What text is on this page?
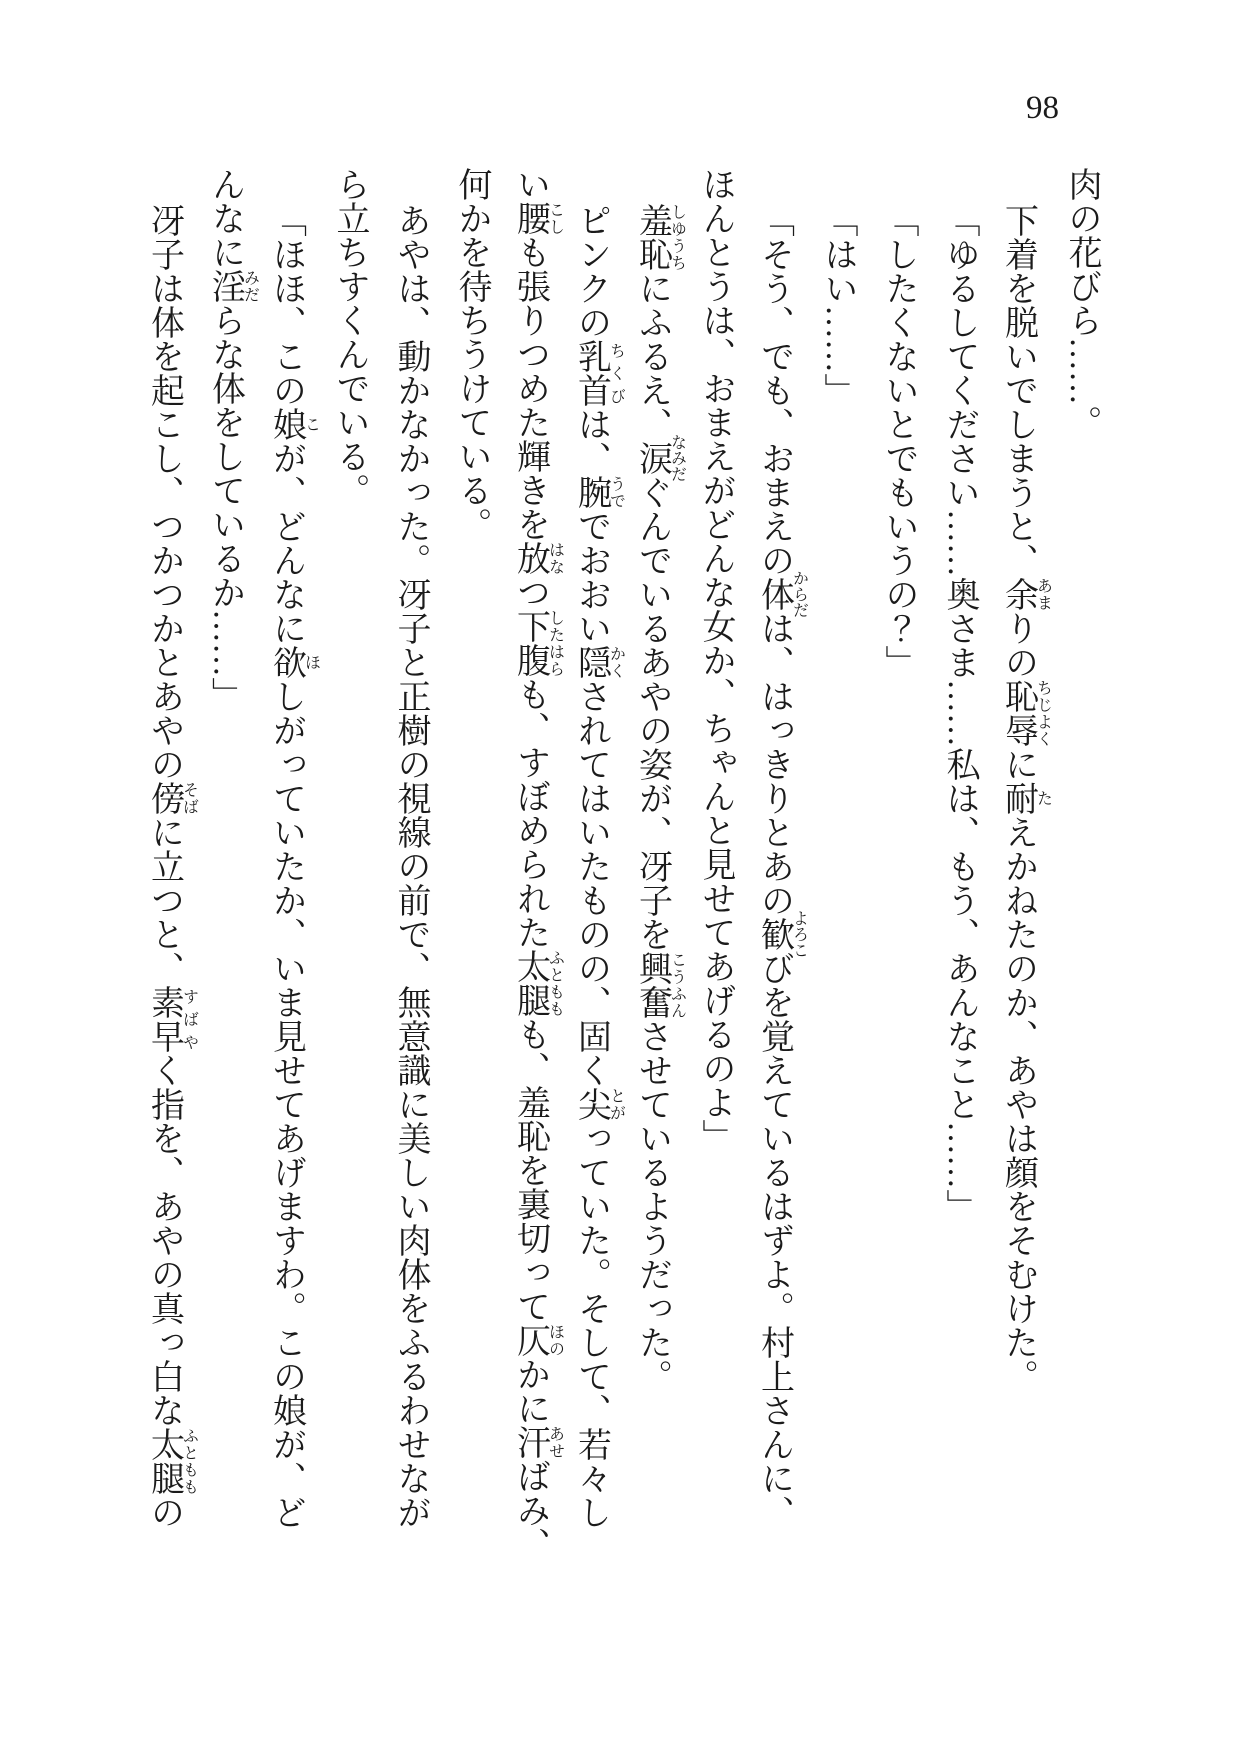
98

肉の花びら……。

下着を脱いでしまうと、余あまりの恥辱ちじよくに耐たえかねたのか、あやは顔をそむけた。

「ゆるしてください……奥さま……私は、もう、あんなこと……」

「したくないとでもいうの？」

「はい……」

「そう、でも、おまえの体からだは、はっきりとあの歓よろこびを覚えているはずよ。村上さんに、

ほんとうは、おまえがどんな女か、ちゃんと見せてあげるのよ」

羞恥しゆうちにふるえ、涙なみだぐんでいるあやの姿が、冴子を興奮こうふんさせているようだった。

ピンクの乳首ちくびは、腕うででおおい隠かくされてはいたものの、固く尖とがっていた。そして、若々し

い腰こしも張りつめた輝きを放はなつ下腹したはらも、すぼめられた太腿ふとももも、羞恥を裏切って仄ほのかに汗あせばみ、

何かを待ちうけている。

あやは、動かなかった。冴子と正樹の視線の前で、無意識に美しい肉体をふるわせなが

ら立ちすくんでいる。

「ほほ、この娘こが、どんなに欲ほしがっていたか、いま見せてあげますわ。この娘が、ど

んなに淫みだらな体をしているか……」

冴子は体を起こし、つかつかとあやの傍そばに立つと、素早すばやく指を、あやの真っ白な太腿ふとももの
